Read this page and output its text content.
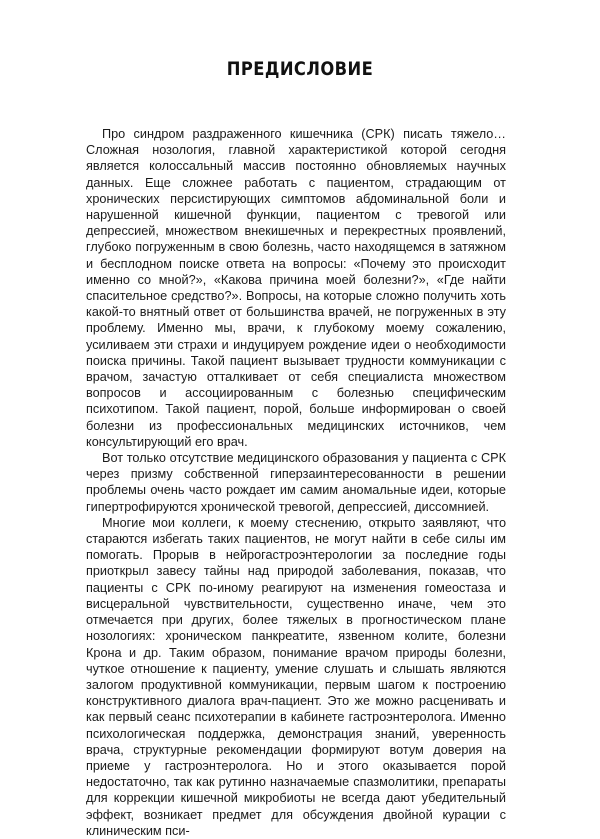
ПРЕДИСЛОВИЕ

Про синдром раздраженного кишечника (СРК) писать тяжело… Сложная нозология, главной характеристикой которой сегодня является колоссальный массив постоянно обновляемых научных данных. Еще сложнее работать с пациентом, страдающим от хронических персистирующих симптомов абдоминальной боли и нарушенной кишечной функции, пациентом с тревогой или депрессией, множеством внекишечных и перекрестных проявлений, глубоко погруженным в свою болезнь, часто находящемся в затяжном и бесплодном поиске ответа на вопросы: «Почему это происходит именно со мной?», «Какова причина моей болезни?», «Где найти спасительное средство?». Вопросы, на которые сложно получить хоть какой-то внятный ответ от большинства врачей, не погруженных в эту проблему. Именно мы, врачи, к глубокому моему сожалению, усиливаем эти страхи и индуцируем рождение идеи о необходимости поиска причины. Такой пациент вызывает трудности коммуникации с врачом, зачастую отталкивает от себя специалиста множеством вопросов и ассоциированным с болезнью специфическим психотипом. Такой пациент, порой, больше информирован о своей болезни из профессиональных медицинских источников, чем консультирующий его врач.

Вот только отсутствие медицинского образования у пациента с СРК через призму собственной гиперзаинтересованности в решении проблемы очень часто рождает им самим аномальные идеи, которые гипертрофируются хронической тревогой, депрессией, диссомнией.

Многие мои коллеги, к моему стеснению, открыто заявляют, что стараются избегать таких пациентов, не могут найти в себе силы им помогать. Прорыв в нейрогастроэнтерологии за последние годы приоткрыл завесу тайны над природой заболевания, показав, что пациенты с СРК по-иному реагируют на изменения гомеостаза и висцеральной чувствительности, существенно иначе, чем это отмечается при других, более тяжелых в прогностическом плане нозологиях: хроническом панкреатите, язвенном колите, болезни Крона и др. Таким образом, понимание врачом природы болезни, чуткое отношение к пациенту, умение слушать и слышать являются залогом продуктивной коммуникации, первым шагом к построению конструктивного диалога врач-пациент. Это же можно расценивать и как первый сеанс психотерапии в кабинете гастроэнтеролога. Именно психологическая поддержка, демонстрация знаний, уверенность врача, структурные рекомендации формируют вотум доверия на приеме у гастроэнтеролога. Но и этого оказывается порой недостаточно, так как рутинно назначаемые спазмолитики, препараты для коррекции кишечной микробиоты не всегда дают убедительный эффект, возникает предмет для обсуждения двойной курации с клиническим пси-
